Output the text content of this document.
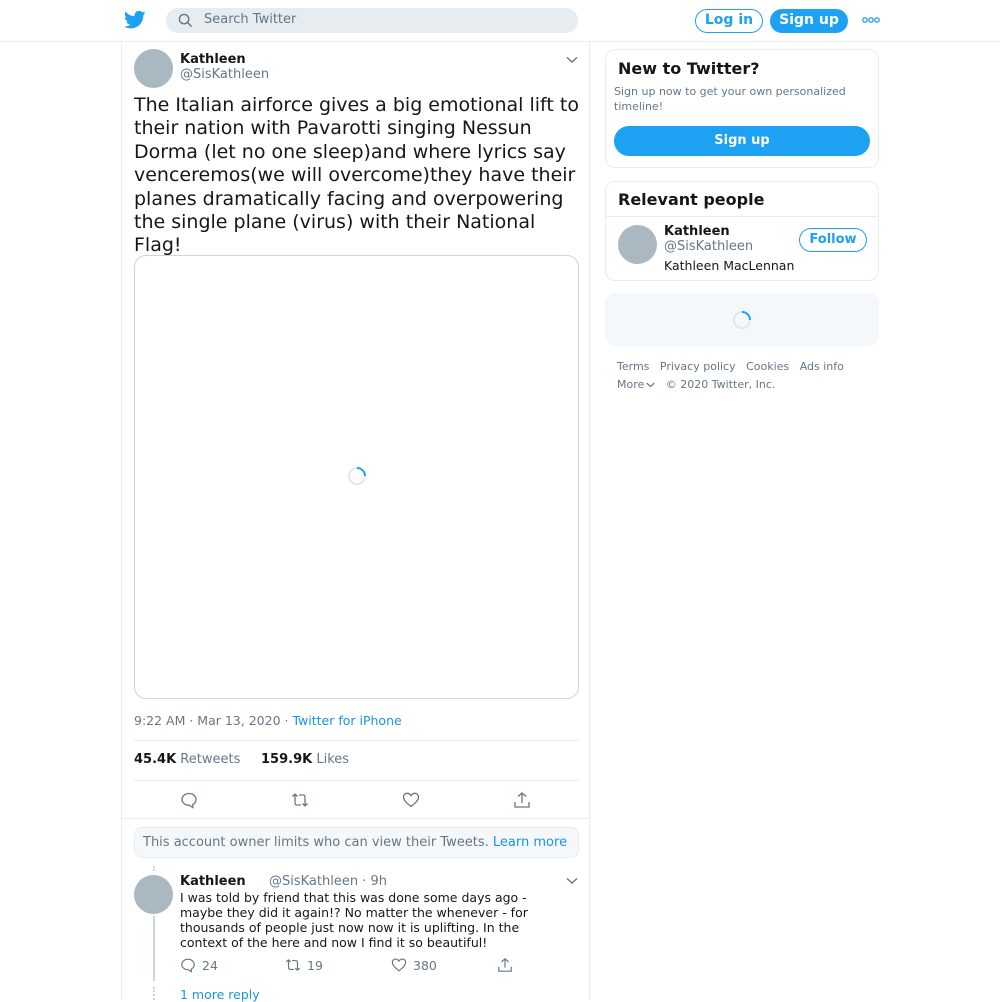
Search Twitter	Log in	Sign up
Kathleen
@SisKathleen
The Italian airforce gives a big emotional lift to their nation with Pavarotti singing Nessun Dorma (let no one sleep)and where lyrics say venceremos(we will overcome)they have their planes dramatically facing and overpowering the single plane (virus) with their National Flag!
9:22 AM · Mar 13, 2020 · Twitter for iPhone
45.4K Retweets 159.9K Likes
This account owner limits who can view their Tweets. Learn more
Kathleen @SisKathleen · 9h
I was told by friend that this was done some days ago - maybe they did it again!? No matter the whenever - for thousands of people just now now it is uplifting. In the context of the here and now I find it so beautiful!
24	19	380
1 more reply
New to Twitter?
Sign up now to get your own personalized timeline!
Sign up
Relevant people
Kathleen
@SisKathleen
Kathleen MacLennan
Follow
Terms Privacy policy Cookies Ads info
More © 2020 Twitter, Inc.
